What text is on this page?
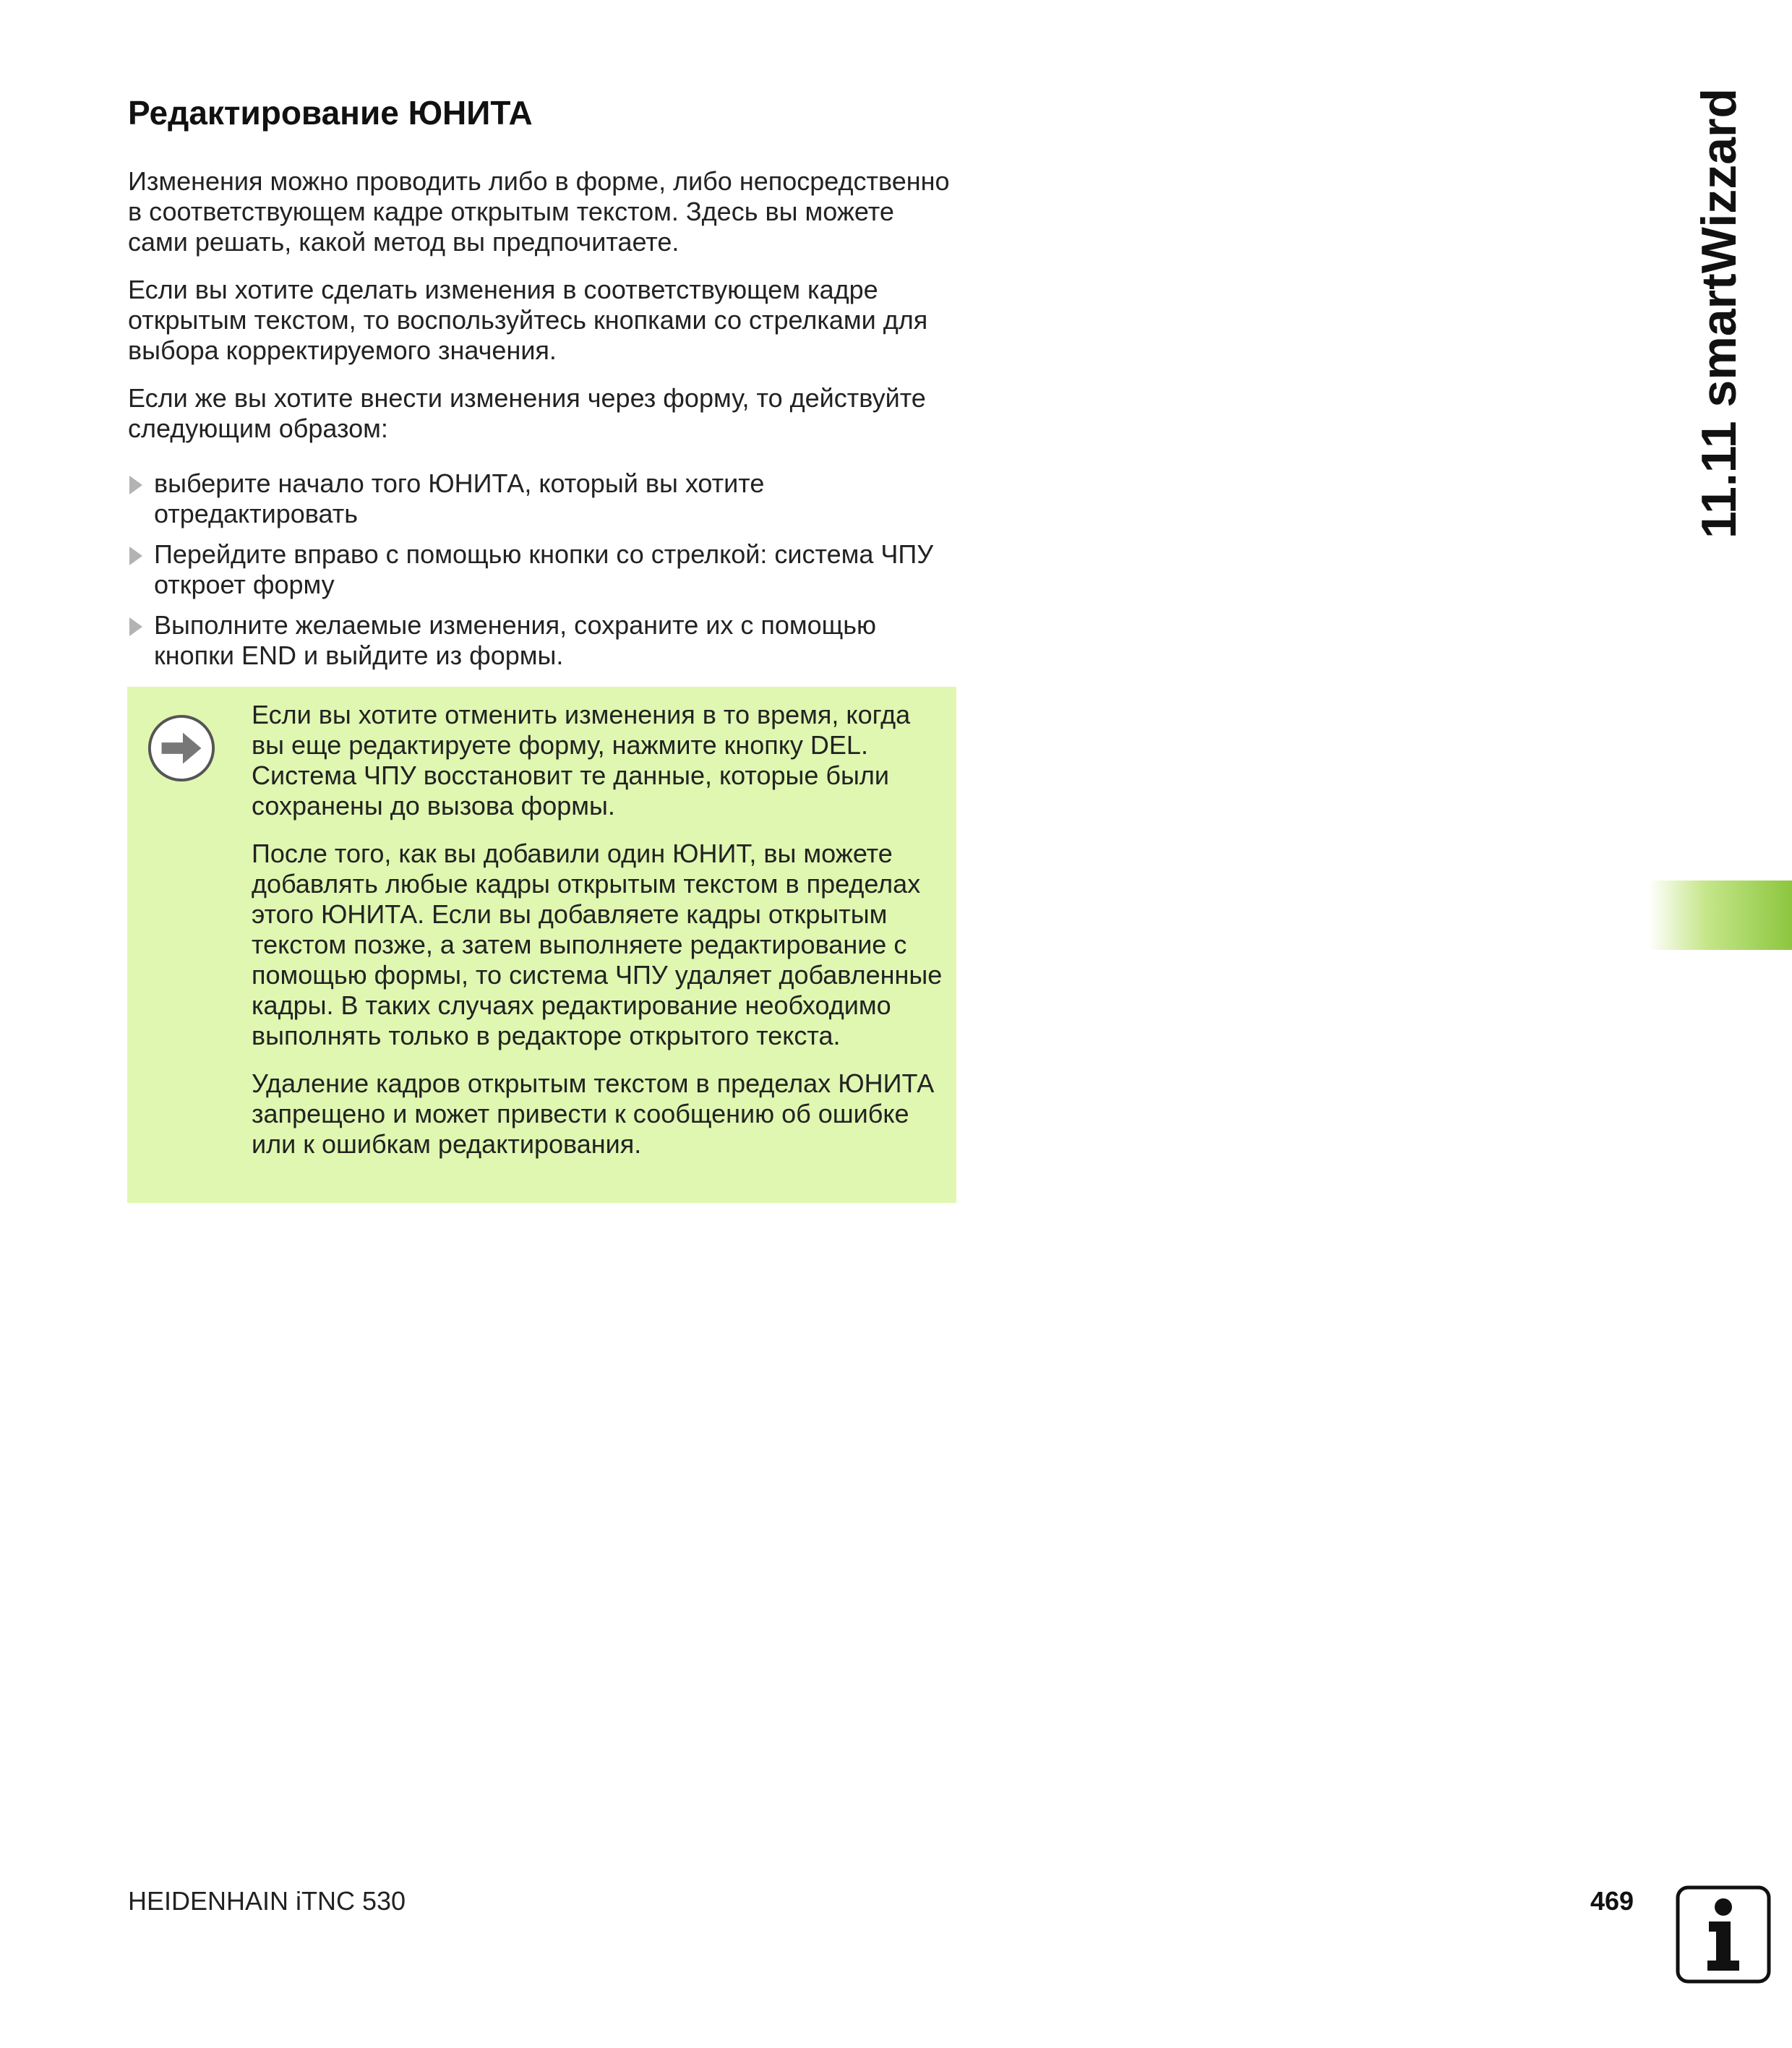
Редактирование ЮНИТА

Изменения можно проводить либо в форме, либо непосредственно в соответствующем кадре открытым текстом. Здесь вы можете сами решать, какой метод вы предпочитаете.

Если вы хотите сделать изменения в соответствующем кадре открытым текстом, то воспользуйтесь кнопками со стрелками для выбора корректируемого значения.

Если же вы хотите внести изменения через форму, то действуйте следующим образом:

выберите начало того ЮНИТА, который вы хотите отредактировать
Перейдите вправо с помощью кнопки со стрелкой: система ЧПУ откроет форму
Выполните желаемые изменения, сохраните их с помощью кнопки END и выйдите из формы.

Если вы хотите отменить изменения в то время, когда вы еще редактируете форму, нажмите кнопку DEL. Система ЧПУ восстановит те данные, которые были сохранены до вызова формы.

После того, как вы добавили один ЮНИТ, вы можете добавлять любые кадры открытым текстом в пределах этого ЮНИТА. Если вы добавляете кадры открытым текстом позже, а затем выполняете редактирование с помощью формы, то система ЧПУ удаляет добавленные кадры. В таких случаях редактирование необходимо выполнять только в редакторе открытого текста.

Удаление кадров открытым текстом в пределах ЮНИТА запрещено и может привести к сообщению об ошибке или к ошибкам редактирования.

11.11 smartWizzard
HEIDENHAIN iTNC 530	469
